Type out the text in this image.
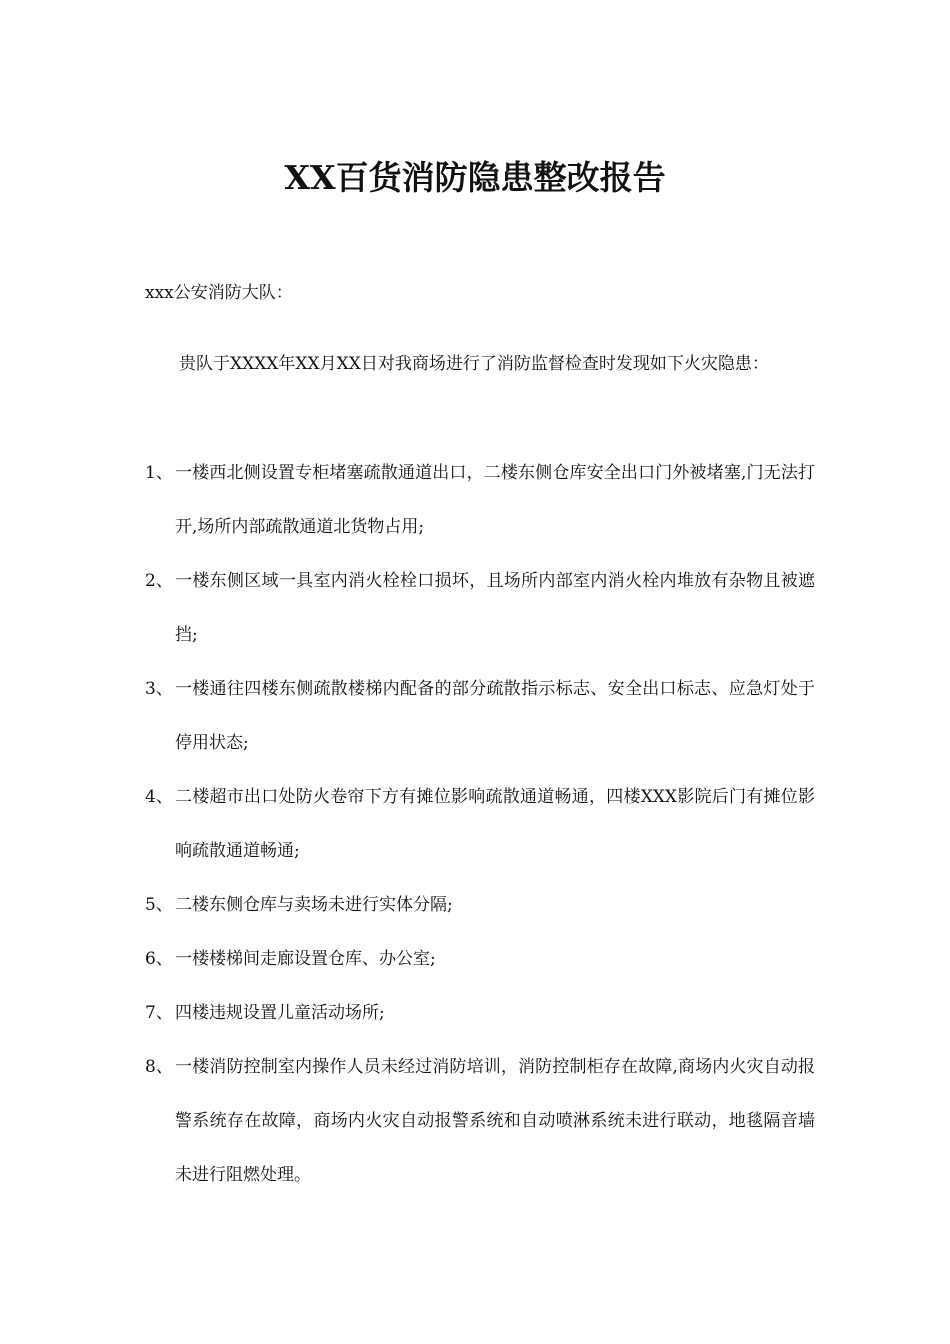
XX百货消防隐患整改报告
xxx公安消防大队：

贵队于XXXX年XX月XX日对我商场进行了消防监督检查时发现如下火灾隐患：

1、 一楼西北侧设置专柜堵塞疏散通道出口，二楼东侧仓库安全出口门外被堵塞,门无法打开,场所内部疏散通道北货物占用;
2、 一楼东侧区域一具室内消火栓栓口损坏，且场所内部室内消火栓内堆放有杂物且被遮挡;
3、 一楼通往四楼东侧疏散楼梯内配备的部分疏散指示标志、安全出口标志、应急灯处于停用状态;
4、 二楼超市出口处防火卷帘下方有摊位影响疏散通道畅通，四楼XXX影院后门有摊位影响疏散通道畅通;
5、 二楼东侧仓库与卖场未进行实体分隔;
6、 一楼楼梯间走廊设置仓库、办公室;
7、 四楼违规设置儿童活动场所;
8、 一楼消防控制室内操作人员未经过消防培训，消防控制柜存在故障,商场内火灾自动报警系统存在故障，商场内火灾自动报警系统和自动喷淋系统未进行联动，地毯隔音墙未进行阻燃处理。
